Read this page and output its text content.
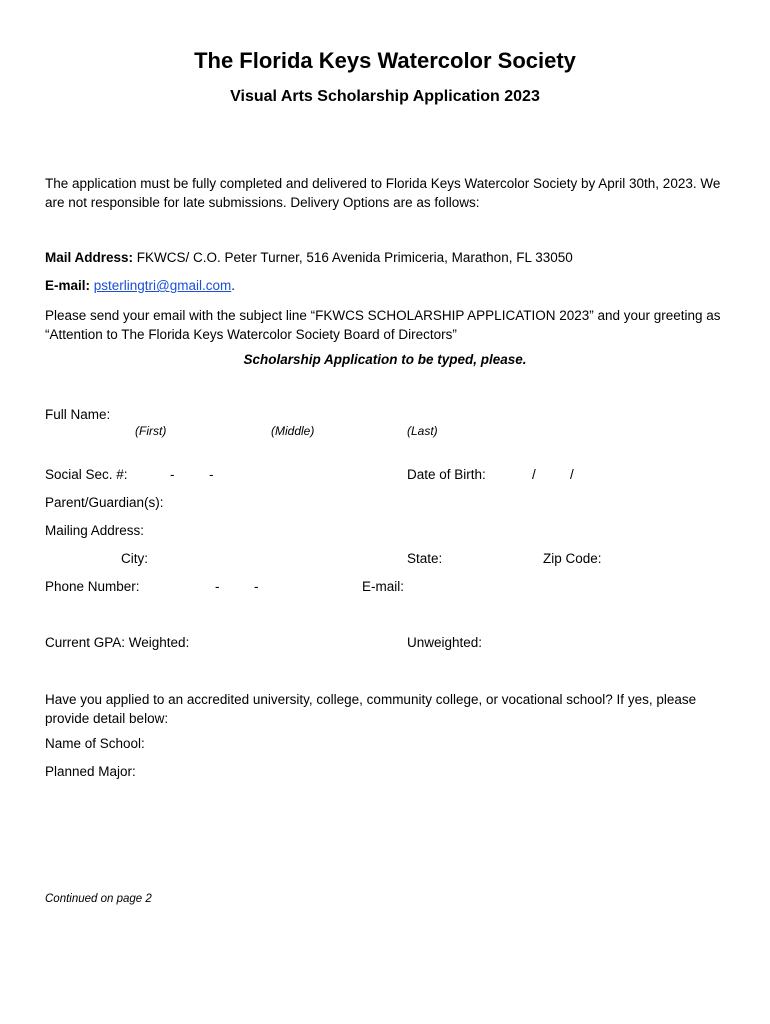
The Florida Keys Watercolor Society
Visual Arts Scholarship Application 2023
The application must be fully completed and delivered to Florida Keys Watercolor Society by April 30th, 2023. We are not responsible for late submissions. Delivery Options are as follows:
Mail Address: FKWCS/ C.O. Peter Turner, 516 Avenida Primiceria, Marathon, FL 33050
E-mail: psterlingtri@gmail.com.
Please send your email with the subject line “FKWCS SCHOLARSHIP APPLICATION 2023” and your greeting as “Attention to The Florida Keys Watercolor Society Board of Directors”
Scholarship Application to be typed, please.
Full Name:
(First)	(Middle)	(Last)
Social Sec. #:	-	-	Date of Birth:	/	/
Parent/Guardian(s):
Mailing Address:
City:	State:	Zip Code:
Phone Number:	-	-	E-mail:
Current GPA: Weighted:	Unweighted:
Have you applied to an accredited university, college, community college, or vocational school? If yes, please provide detail below:
Name of School:
Planned Major:
Continued on page 2
